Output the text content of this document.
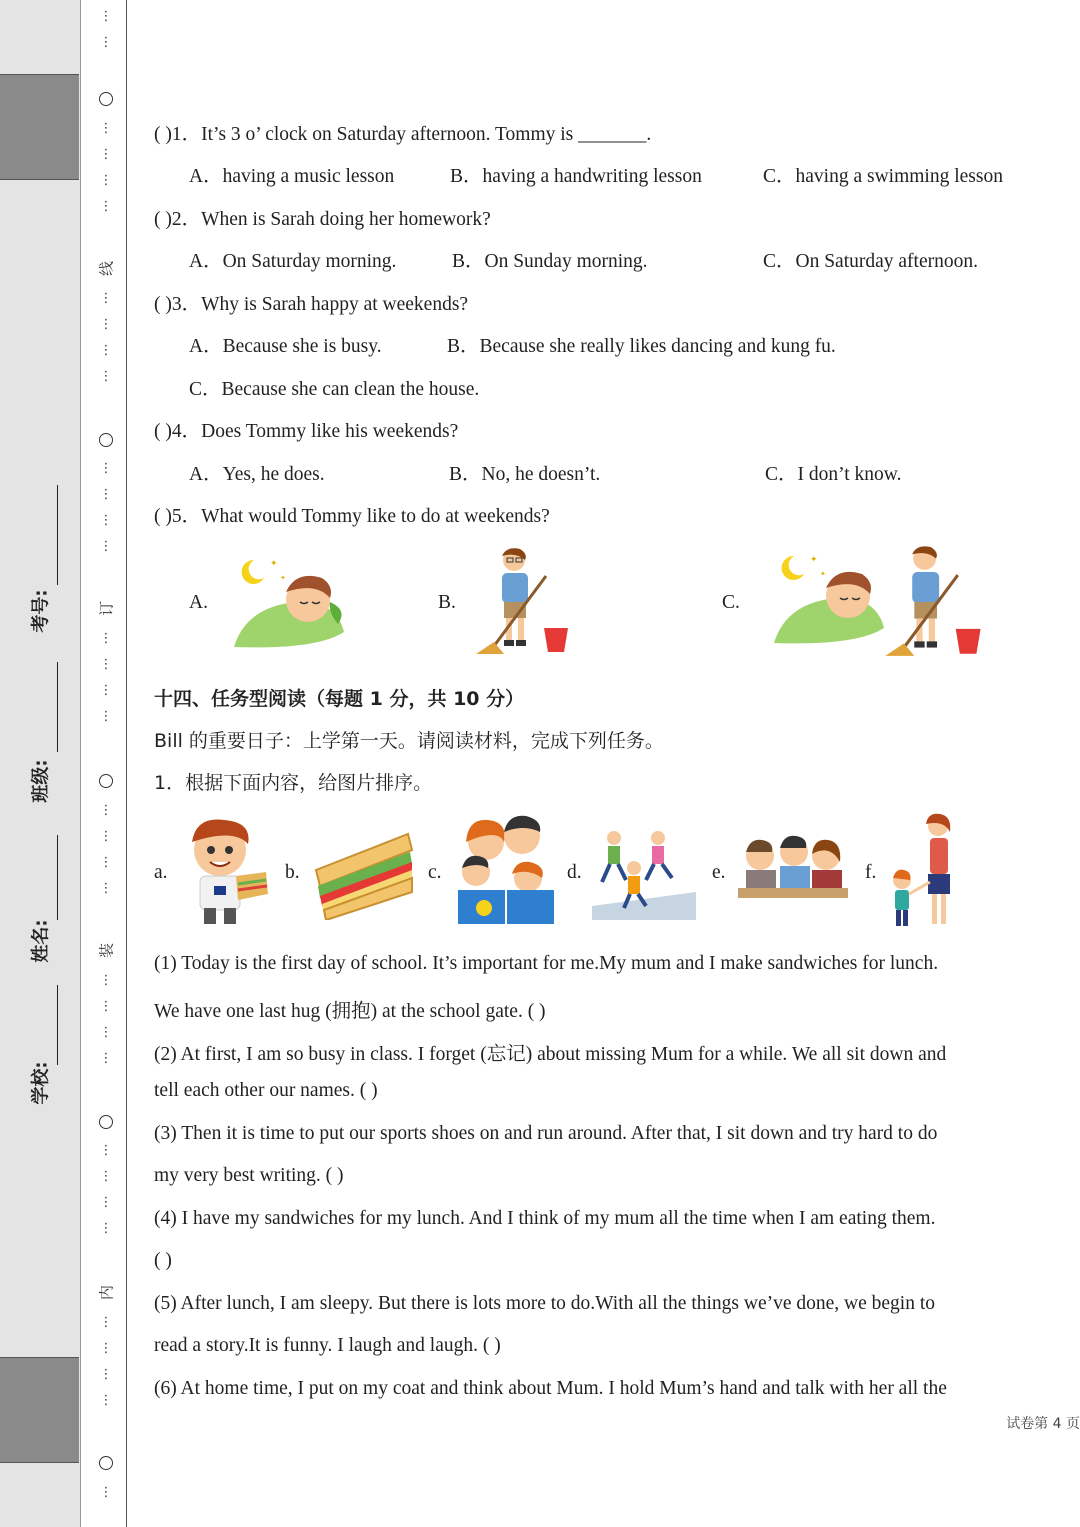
⋮

⋮
⋮

⋮

⋮

⋮
线
⋮

⋮

⋮

⋮
⋮

⋮

⋮

⋮
订
⋮

⋮

⋮

⋮
⋮

⋮

⋮

⋮
装
⋮

⋮

⋮

⋮
⋮

⋮

⋮

⋮
内
⋮

⋮

⋮

⋮
⋮
学校:
姓名:
班级:
考号:
( )1．It’s 3 o’ clock on Saturday afternoon. Tommy is _______.
A．having a music lesson	B．having a handwriting lesson	C．having a swimming lesson
( )2．When is Sarah doing her homework?
A．On Saturday morning.	B．On Sunday morning.	C．On Saturday afternoon.
( )3．Why is Sarah happy at weekends?
A．Because she is busy.	B．Because she really likes dancing and kung fu.
C．Because she can clean the house.
( )4．Does Tommy like his weekends?
A．Yes, he does.	B．No, he doesn’t.	C．I don’t know.
( )5．What would Tommy like to do at weekends?
A.	B.	C.
✦
✦
✦
✦
十四、任务型阅读（每题 1 分，共 10 分）
Bill 的重要日子：上学第一天。请阅读材料，完成下列任务。
1．根据下面内容，给图片排序。
a.	b.	c.	d.	e.	f.
(1) Today is the first day of school. It’s important for me.My mum and I make sandwiches for lunch.
We have one last hug (拥抱) at the school gate. ( )
(2) At first, I am so busy in class. I forget (忘记) about missing Mum for a while. We all sit down and
tell each other our names. ( )
(3) Then it is time to put our sports shoes on and run around. After that, I sit down and try hard to do
my very best writing. ( )
(4) I have my sandwiches for my lunch. And I think of my mum all the time when I am eating them.
( )
(5) After lunch, I am sleepy. But there is lots more to do.With all the things we’ve done, we begin to
read a story.It is funny. I laugh and laugh. ( )
(6) At home time, I put on my coat and think about Mum. I hold Mum’s hand and talk with her all the
试卷第 4 页
